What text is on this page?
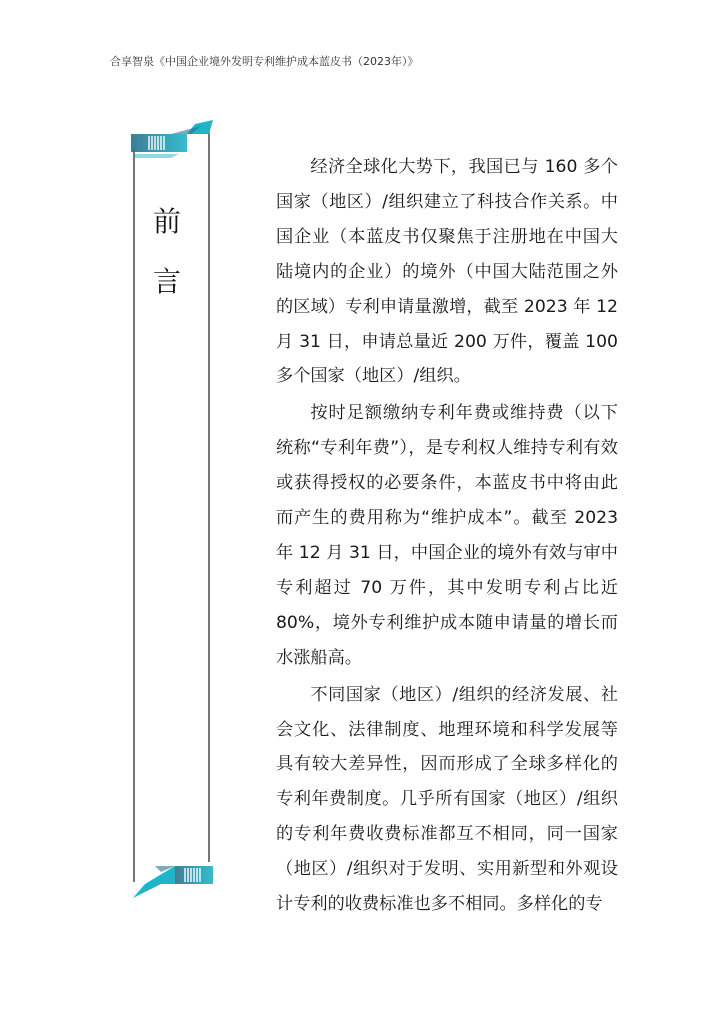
合享智泉《中国企业境外发明专利维护成本蓝皮书（2023年）》
前
言

经济全球化大势下，我国已与 160 多个国家（地区）/组织建立了科技合作关系。中国企业（本蓝皮书仅聚焦于注册地在中国大陆境内的企业）的境外（中国大陆范围之外的区域）专利申请量激增，截至 2023 年 12 月 31 日，申请总量近 200 万件，覆盖 100 多个国家（地区）/组织。

按时足额缴纳专利年费或维持费（以下统称“专利年费”），是专利权人维持专利有效或获得授权的必要条件，本蓝皮书中将由此而产生的费用称为“维护成本”。截至 2023 年 12 月 31 日，中国企业的境外有效与审中专利超过 70 万件，其中发明专利占比近 80%，境外专利维护成本随申请量的增长而水涨船高。

不同国家（地区）/组织的经济发展、社会文化、法律制度、地理环境和科学发展等具有较大差异性，因而形成了全球多样化的专利年费制度。几乎所有国家（地区）/组织的专利年费收费标准都互不相同，同一国家（地区）/组织对于发明、实用新型和外观设计专利的收费标准也多不相同。多样化的专
